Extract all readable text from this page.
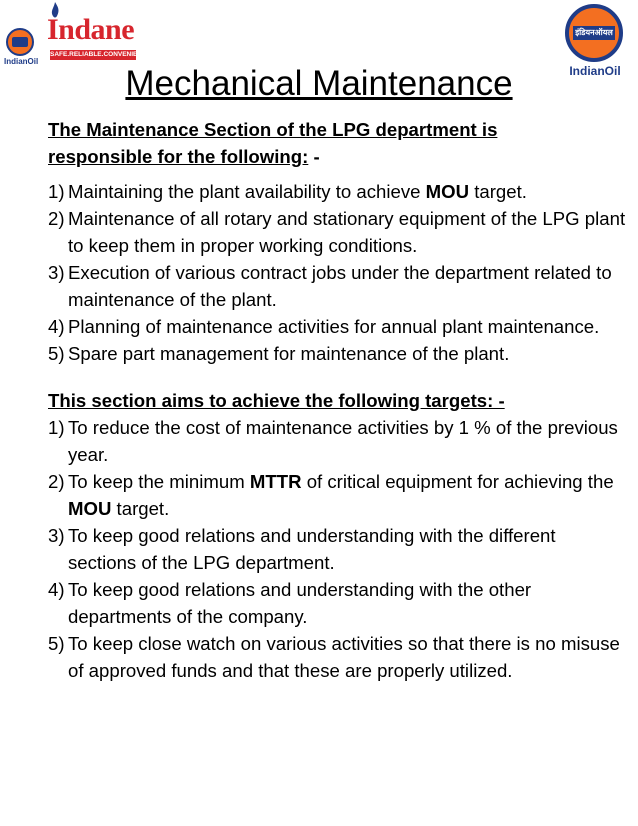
IndianOil
Indane
SAFE.RELIABLE.CONVENIENT
इंडियनऑयल
IndianOil
Mechanical Maintenance
The Maintenance Section of the LPG department is
responsible for the following: -
1) Maintaining the plant availability to achieve MOU target.
2) Maintenance of all rotary and stationary equipment of the LPG plant to keep them in proper working conditions.
3) Execution of various contract jobs under the department related to maintenance of the plant.
4) Planning of maintenance activities for annual plant maintenance.
5) Spare part management for maintenance of the plant.
This section aims to achieve the following targets: -
1) To reduce the cost of maintenance activities by 1 % of the previous year.
2) To keep the minimum MTTR of critical equipment for achieving the MOU target.
3) To keep good relations and understanding with the different sections of the LPG department.
4) To keep good relations and understanding with the other departments of the company.
5) To keep close watch on various activities so that there is no misuse of approved funds and that these are properly utilized.
